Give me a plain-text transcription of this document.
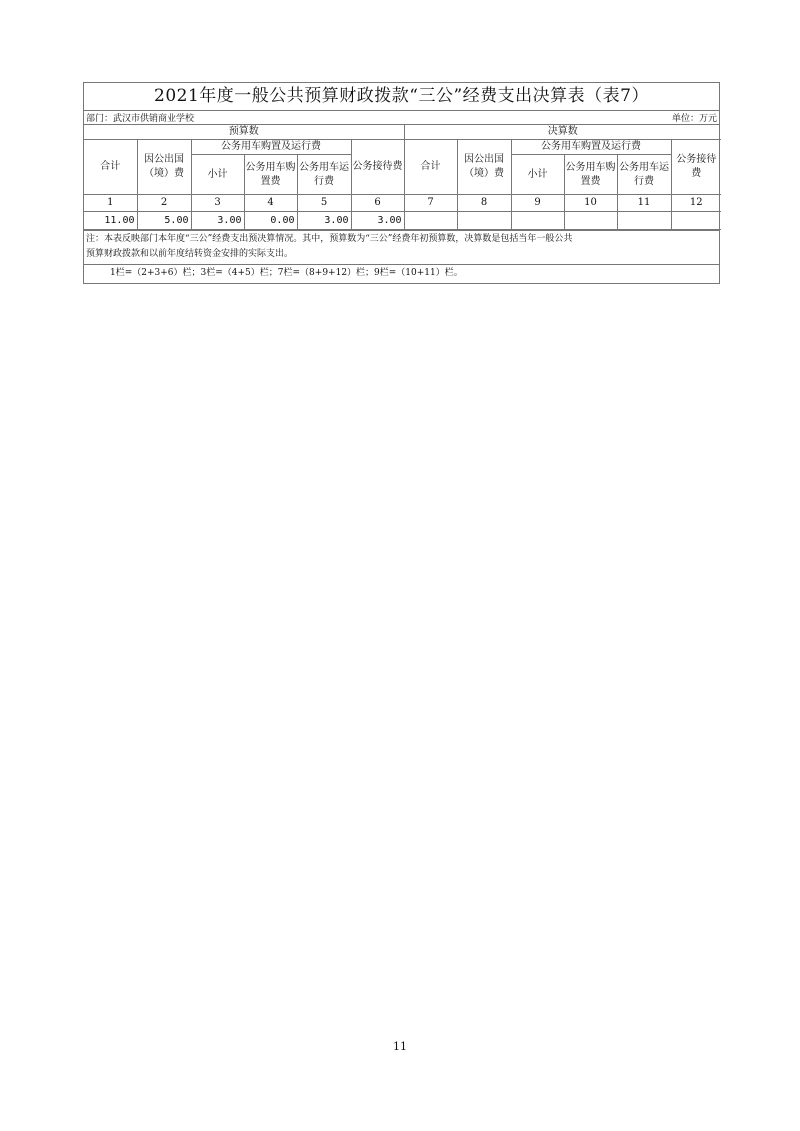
2021年度一般公共预算财政拨款“三公”经费支出决算表（表7）
部门：武汉市供销商业学校	单位：万元
预算数						决算数					
合计	因公出国（境）费	公务用车购置及运行费			公务接待费	合计	因公出国（境）费	公务用车购置及运行费			公务接待费
		小计	公务用车购置费	公务用车运行费				小计	公务用车购置费	公务用车运行费	
1	2	3	4	5	6	7	8	9	10	11	12
11.00	5.00	3.00	0.00	3.00	3.00						
注：本表反映部门本年度“三公”经费支出预决算情况。其中，预算数为“三公”经费年初预算数，决算数是包括当年一般公共
预算财政拨款和以前年度结转资金安排的实际支出。
1栏=（2+3+6）栏；3栏=（4+5）栏；7栏=（8+9+12）栏；9栏=（10+11）栏。
11
